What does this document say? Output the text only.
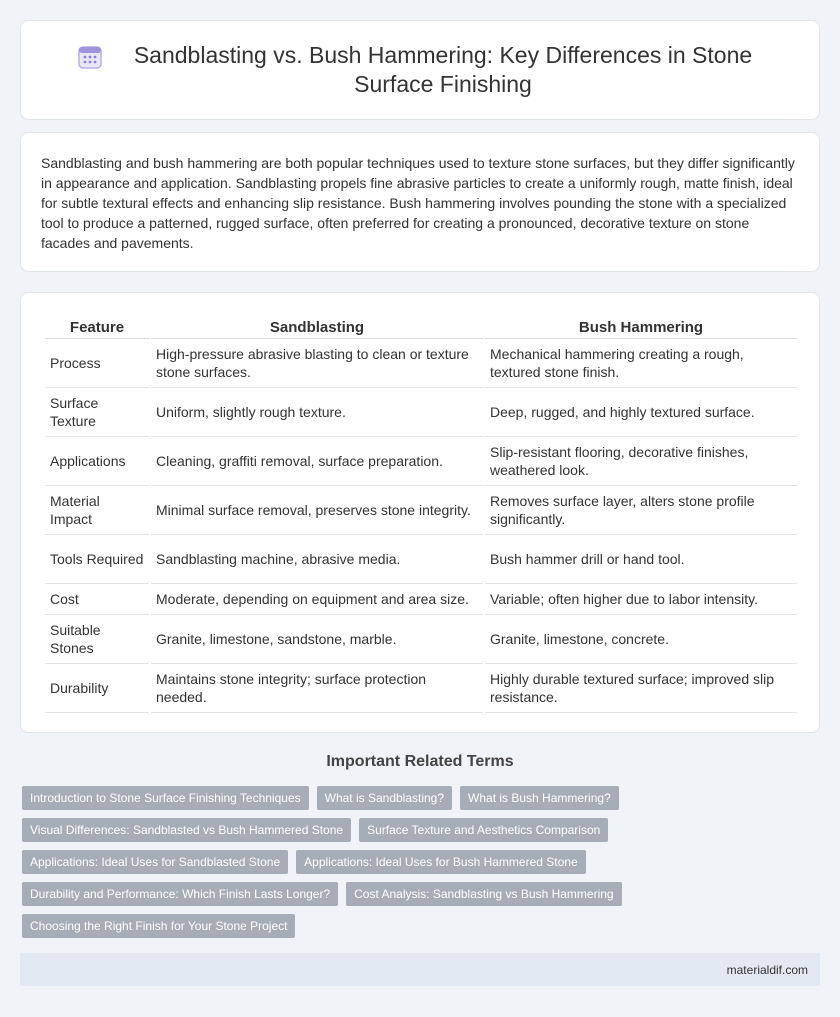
Sandblasting vs. Bush Hammering: Key Differences in Stone Surface Finishing

Sandblasting and bush hammering are both popular techniques used to texture stone surfaces, but they differ significantly in appearance and application. Sandblasting propels fine abrasive particles to create a uniformly rough, matte finish, ideal for subtle textural effects and enhancing slip resistance. Bush hammering involves pounding the stone with a specialized tool to produce a patterned, rugged surface, often preferred for creating a pronounced, decorative texture on stone facades and pavements.

Feature	Sandblasting	Bush Hammering
Process	High-pressure abrasive blasting to clean or texture stone surfaces.	Mechanical hammering creating a rough, textured stone finish.
Surface Texture	Uniform, slightly rough texture.	Deep, rugged, and highly textured surface.
Applications	Cleaning, graffiti removal, surface preparation.	Slip-resistant flooring, decorative finishes, weathered look.
Material Impact	Minimal surface removal, preserves stone integrity.	Removes surface layer, alters stone profile significantly.
Tools Required	Sandblasting machine, abrasive media.	Bush hammer drill or hand tool.
Cost	Moderate, depending on equipment and area size.	Variable; often higher due to labor intensity.
Suitable Stones	Granite, limestone, sandstone, marble.	Granite, limestone, concrete.
Durability	Maintains stone integrity; surface protection needed.	Highly durable textured surface; improved slip resistance.
Important Related Terms
Introduction to Stone Surface Finishing Techniques	What is Sandblasting?	What is Bush Hammering?
Visual Differences: Sandblasted vs Bush Hammered Stone	Surface Texture and Aesthetics Comparison
Applications: Ideal Uses for Sandblasted Stone	Applications: Ideal Uses for Bush Hammered Stone
Durability and Performance: Which Finish Lasts Longer?	Cost Analysis: Sandblasting vs Bush Hammering
Choosing the Right Finish for Your Stone Project
materialdif.com
